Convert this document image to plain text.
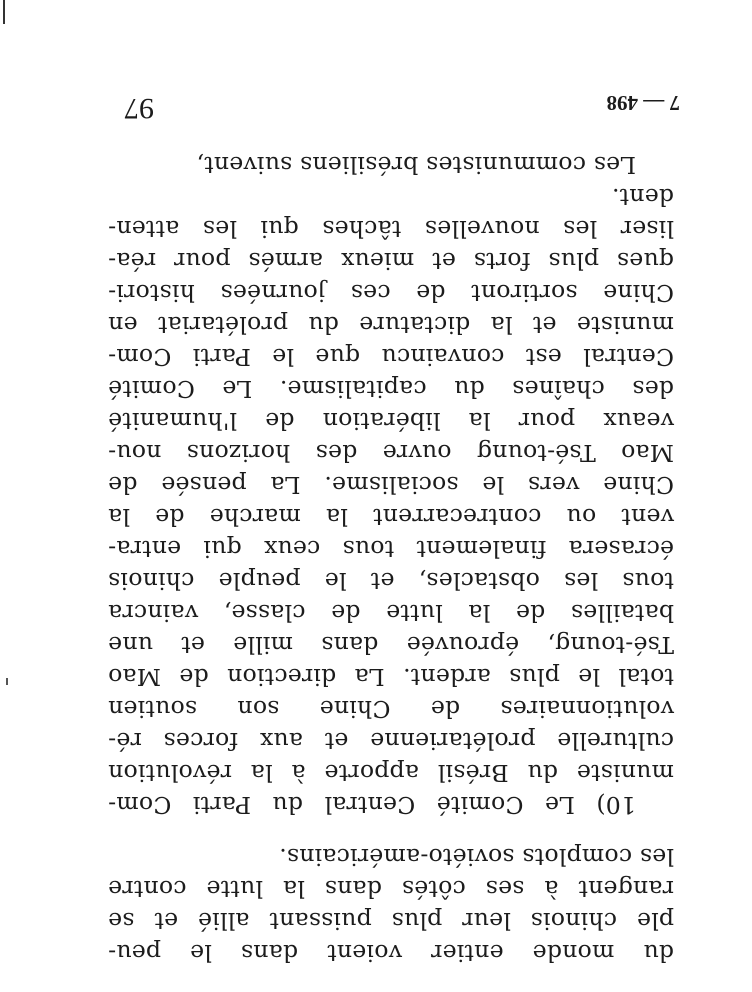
du monde entier voient dans le peu-
ple chinois leur plus puissant allié et se
rangent à ses côtés dans la lutte contre
les complots soviéto-américains.
10) Le Comité Central du Parti Com-
muniste du Brésil apporte à la révolution
culturelle prolétarienne et aux forces ré-
volutionnaires de Chine son soutien
total le plus ardent. La direction de Mao
Tsé-toung, éprouvée dans mille et une
batailles de la lutte de classe, vaincra
tous les obstacles, et le peuple chinois
écrasera finalement tous ceux qui entra-
vent ou contrecarrent la marche de la
Chine vers le socialisme. La pensée de
Mao Tsé-toung ouvre des horizons nou-
veaux pour la libération de l'humanité
des chaînes du capitalisme. Le Comité
Central est convaincu que le Parti Com-
muniste et la dictature du prolétariat en
Chine sortiront de ces journées histori-
ques plus forts et mieux armés pour réa-
liser les nouvelles tâches qui les atten-
dent.
Les communistes brésiliens suivent,
97	7 — 498
